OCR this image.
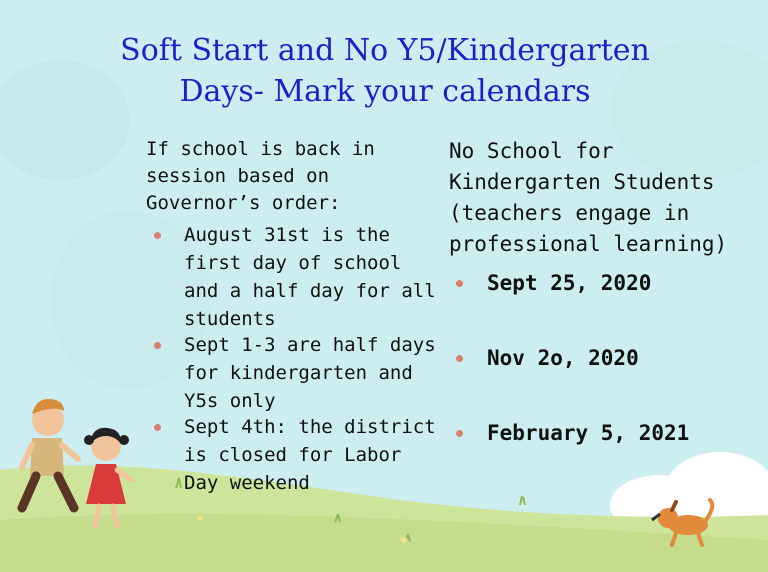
Soft Start and No Y5/Kindergarten Days- Mark your calendars

If school is back in session based on Governor’s order:

August 31st is the first day of school and a half day for all students
Sept 1-3 are half days for kindergarten and Y5s only
Sept 4th: the district is closed for Labor Day weekend

No School for Kindergarten Students (teachers engage in professional learning)

Sept 25, 2020
Nov 2o, 2020
February 5, 2021
